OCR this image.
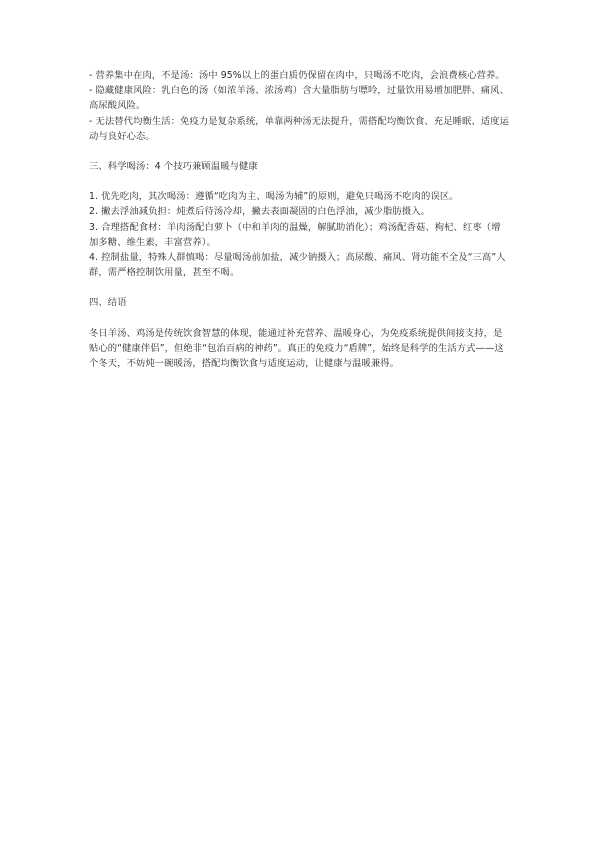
- 营养集中在肉，不是汤：汤中 95%以上的蛋白质仍保留在肉中，只喝汤不吃肉，会浪费核心营养。

- 隐藏健康风险：乳白色的汤（如浓羊汤、浓汤鸡）含大量脂肪与嘌呤，过量饮用易增加肥胖、痛风、高尿酸风险。

- 无法替代均衡生活：免疫力是复杂系统，单靠两种汤无法提升，需搭配均衡饮食、充足睡眠、适度运动与良好心态。

三、科学喝汤：4 个技巧兼顾温暖与健康

1. 优先吃肉，其次喝汤：遵循“吃肉为主、喝汤为辅”的原则，避免只喝汤不吃肉的误区。

2. 撇去浮油减负担：炖煮后待汤冷却，撇去表面凝固的白色浮油，减少脂肪摄入。

3. 合理搭配食材：羊肉汤配白萝卜（中和羊肉的温燥，解腻助消化）；鸡汤配香菇、枸杞、红枣（增加多糖、维生素，丰富营养）。

4. 控制盐量，特殊人群慎喝：尽量喝汤前加盐，减少钠摄入；高尿酸、痛风、肾功能不全及“三高”人群，需严格控制饮用量，甚至不喝。

四、结语

冬日羊汤、鸡汤是传统饮食智慧的体现，能通过补充营养、温暖身心，为免疫系统提供间接支持，是贴心的“健康伴侣”，但绝非“包治百病的神药”。真正的免疫力“盾牌”，始终是科学的生活方式——这个冬天，不妨炖一碗暖汤，搭配均衡饮食与适度运动，让健康与温暖兼得。
